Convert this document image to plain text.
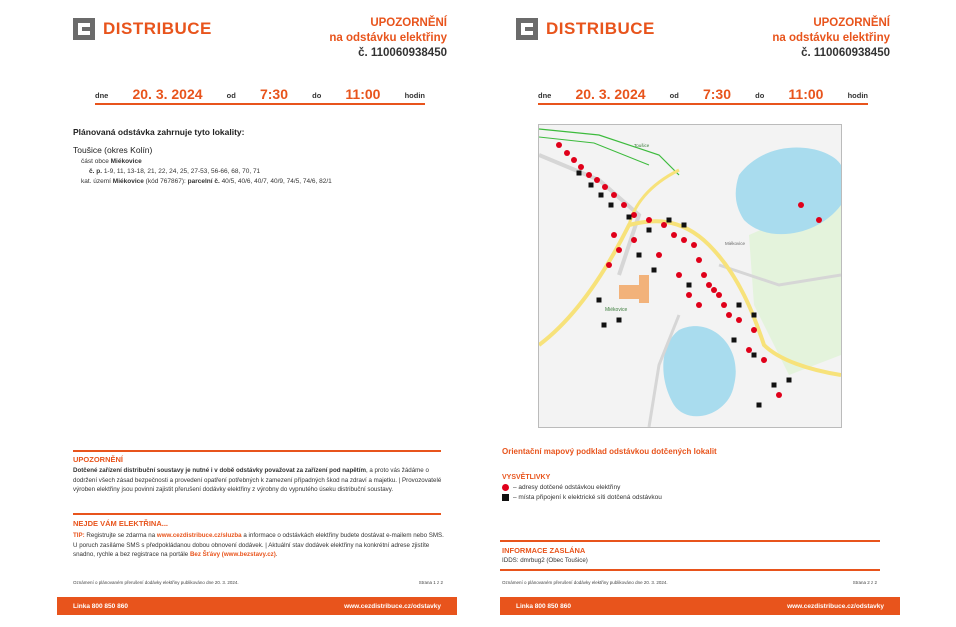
DISTRIBUCE	UPOZORNĚNÍ
na odstávku elektřiny
č. 110060938450
dne 20. 3. 2024	od 7:30	do 11:00	hodin
Plánovaná odstávka zahrnuje tyto lokality:
Toušice (okres Kolín)
část obce Miékovice
č. p. 1-9, 11, 13-18, 21, 22, 24, 25, 27-53, 56-66, 68, 70, 71
kat. území Miékovice (kód 767867): parcelní č. 40/5, 40/6, 40/7, 40/9, 74/5, 74/6, 82/1
UPOZORNĚNÍ
Dotčené zařízení distribuční soustavy je nutné i v době odstávky považovat za zařízení pod napětím, a proto vás žádáme o dodržení všech zásad bezpečnosti a provedení opatření potřebných k zamezení případných škod na zdraví a majetku. | Provozovatelé výroben elektřiny jsou povinni zajistit přerušení dodávky elektřiny z výrobny do vypnutého úseku distribuční soustavy.
NEJDE VÁM ELEKTŘINA...
TIP: Registrujte se zdarma na www.cezdistribuce.cz/sluzba a informace o odstávkách elektřiny budete dostávat e-mailem nebo SMS. U poruch zasíláme SMS s předpokládanou dobou obnovení dodávek. | Aktuální stav dodávek elektřiny na konkrétní adrese zjistíte snadno, rychle a bez registrace na portále Bez Šťávy (www.bezstavy.cz).
Oznámení o plánovaném přerušení dodávky elektřiny publikováno dne 20. 3. 2024.	Strana 1 z 2
Linka 800 850 860	www.cezdistribuce.cz/odstavky
DISTRIBUCE	UPOZORNĚNÍ
na odstávku elektřiny
č. 110060938450
dne 20. 3. 2024	od 7:30	do 11:00	hodin
Miékovice
Miékovice
Toušice
Orientační mapový podklad odstávkou dotčených lokalit
VYSVĚTLIVKY
– adresy dotčené odstávkou elektřiny
– místa připojení k elektrické síti dotčená odstávkou
INFORMACE ZASLÁNA
IDDS: dmrbug2 (Obec Toušice)
Oznámení o plánovaném přerušení dodávky elektřiny publikováno dne 20. 3. 2024.	Strana 2 z 2
Linka 800 850 860	www.cezdistribuce.cz/odstavky
